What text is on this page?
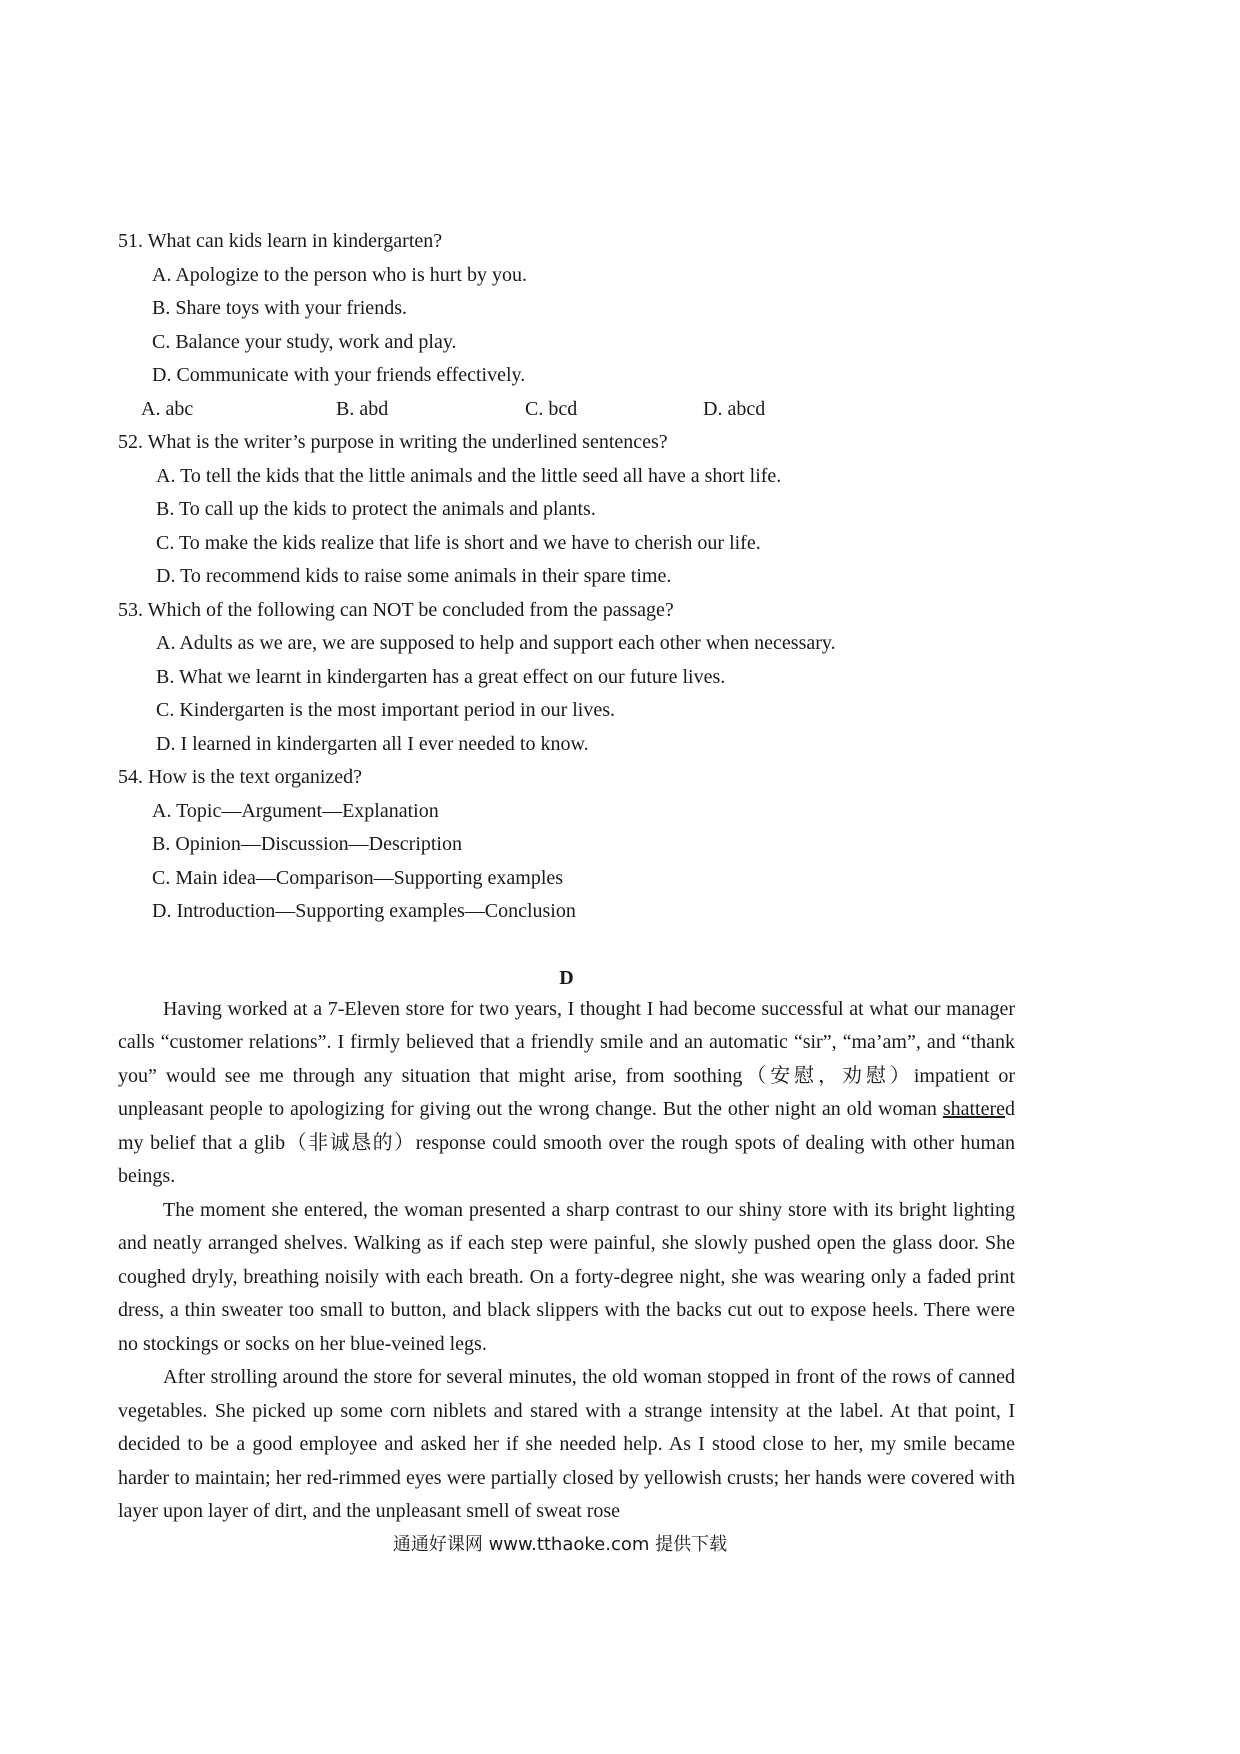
51. What can kids learn in kindergarten?
A. Apologize to the person who is hurt by you.
B. Share toys with your friends.
C. Balance your study, work and play.
D. Communicate with your friends effectively.
A. abc	B. abd	C. bcd	D. abcd
52. What is the writer’s purpose in writing the underlined sentences?
A. To tell the kids that the little animals and the little seed all have a short life.
B. To call up the kids to protect the animals and plants.
C. To make the kids realize that life is short and we have to cherish our life.
D. To recommend kids to raise some animals in their spare time.
53. Which of the following can NOT be concluded from the passage?
A. Adults as we are, we are supposed to help and support each other when necessary.
B. What we learnt in kindergarten has a great effect on our future lives.
C. Kindergarten is the most important period in our lives.
D. I learned in kindergarten all I ever needed to know.
54. How is the text organized?
A. Topic—Argument—Explanation
B. Opinion—Discussion—Description
C. Main idea—Comparison—Supporting examples
D. Introduction—Supporting examples—Conclusion
D

Having worked at a 7-Eleven store for two years, I thought I had become successful at what our manager calls “customer relations”. I firmly believed that a friendly smile and an automatic “sir”, “ma’am”, and “thank you” would see me through any situation that might arise, from soothing（安慰，劝慰）impatient or unpleasant people to apologizing for giving out the wrong change. But the other night an old woman shattered my belief that a glib（非诚恳的）response could smooth over the rough spots of dealing with other human beings.

The moment she entered, the woman presented a sharp contrast to our shiny store with its bright lighting and neatly arranged shelves. Walking as if each step were painful, she slowly pushed open the glass door. She coughed dryly, breathing noisily with each breath. On a forty-degree night, she was wearing only a faded print dress, a thin sweater too small to button, and black slippers with the backs cut out to expose heels. There were no stockings or socks on her blue-veined legs.

After strolling around the store for several minutes, the old woman stopped in front of the rows of canned vegetables. She picked up some corn niblets and stared with a strange intensity at the label. At that point, I decided to be a good employee and asked her if she needed help. As I stood close to her, my smile became harder to maintain; her red-rimmed eyes were partially closed by yellowish crusts; her hands were covered with layer upon layer of dirt, and the unpleasant smell of sweat rose

通通好课网 www.tthaoke.com 提供下载
